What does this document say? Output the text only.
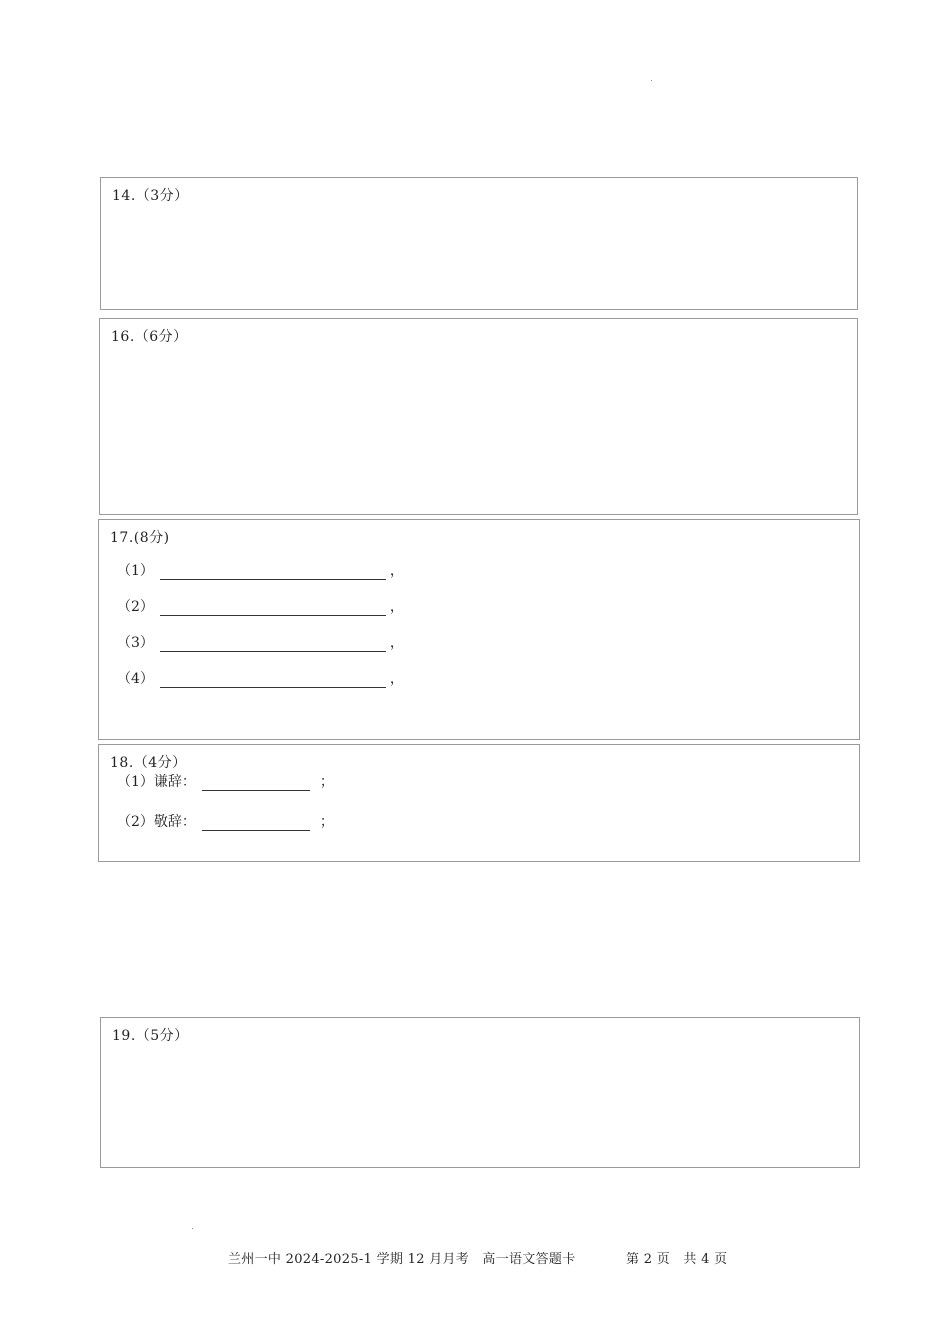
14.（3分）
16.（6分）
17.(8分)
（1）	，
（2）	，
（3）	，
（4）	，
18.（4分）
（1）谦辞：	；
（2）敬辞：	；
19.（5分）
兰州一中 2024-2025-1 学期 12 月月考　高一语文答题卡	第 2 页　共 4 页
